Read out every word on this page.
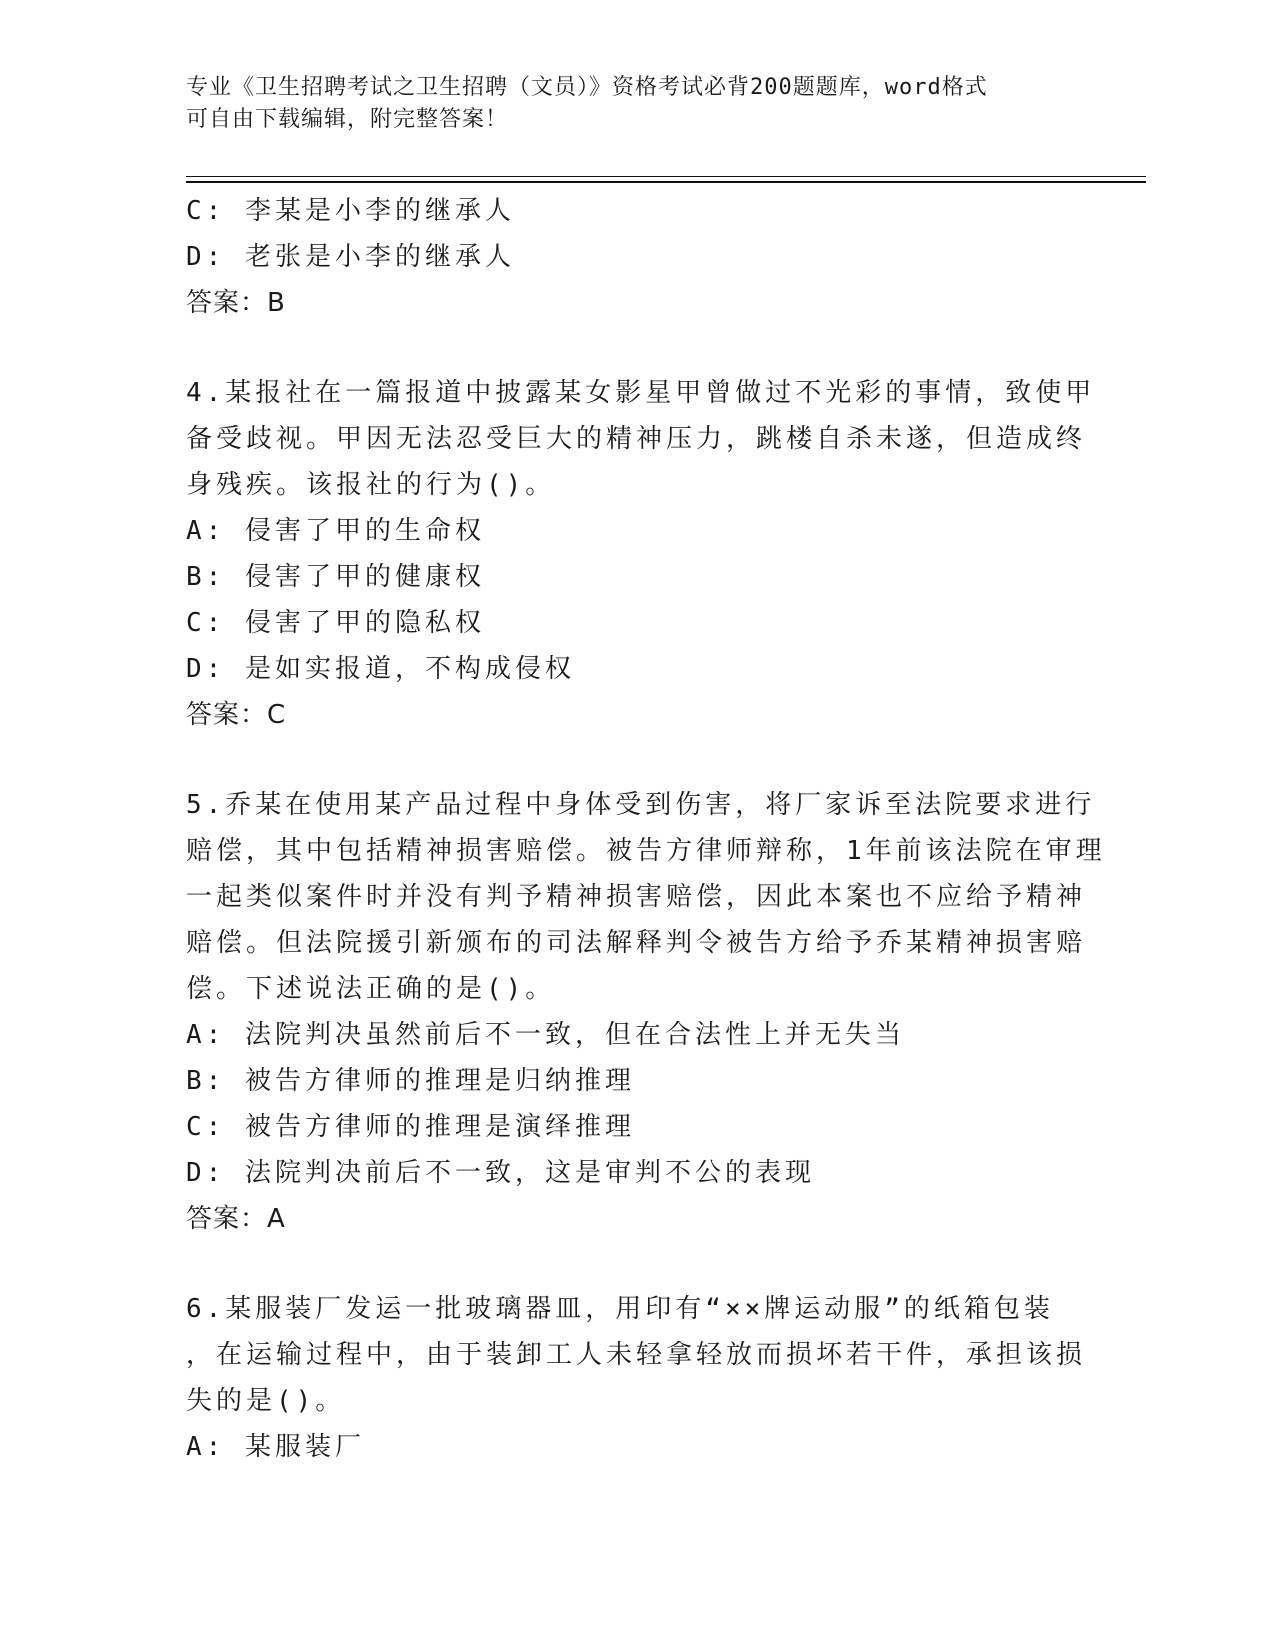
专业《卫生招聘考试之卫生招聘（文员）》资格考试必背200题题库，word格式
可自由下载编辑，附完整答案！
C: 李某是小李的继承人
D: 老张是小李的继承人
答案：B
4.某报社在一篇报道中披露某女影星甲曾做过不光彩的事情，致使甲
备受歧视。甲因无法忍受巨大的精神压力，跳楼自杀未遂，但造成终
身残疾。该报社的行为()。
A: 侵害了甲的生命权
B: 侵害了甲的健康权
C: 侵害了甲的隐私权
D: 是如实报道，不构成侵权
答案：C
5.乔某在使用某产品过程中身体受到伤害，将厂家诉至法院要求进行
赔偿，其中包括精神损害赔偿。被告方律师辩称，1年前该法院在审理
一起类似案件时并没有判予精神损害赔偿，因此本案也不应给予精神
赔偿。但法院援引新颁布的司法解释判令被告方给予乔某精神损害赔
偿。下述说法正确的是()。
A: 法院判决虽然前后不一致，但在合法性上并无失当
B: 被告方律师的推理是归纳推理
C: 被告方律师的推理是演绎推理
D: 法院判决前后不一致，这是审判不公的表现
答案：A
6.某服装厂发运一批玻璃器皿，用印有“××牌运动服”的纸箱包装
，在运输过程中，由于装卸工人未轻拿轻放而损坏若干件，承担该损
失的是()。
A: 某服装厂
